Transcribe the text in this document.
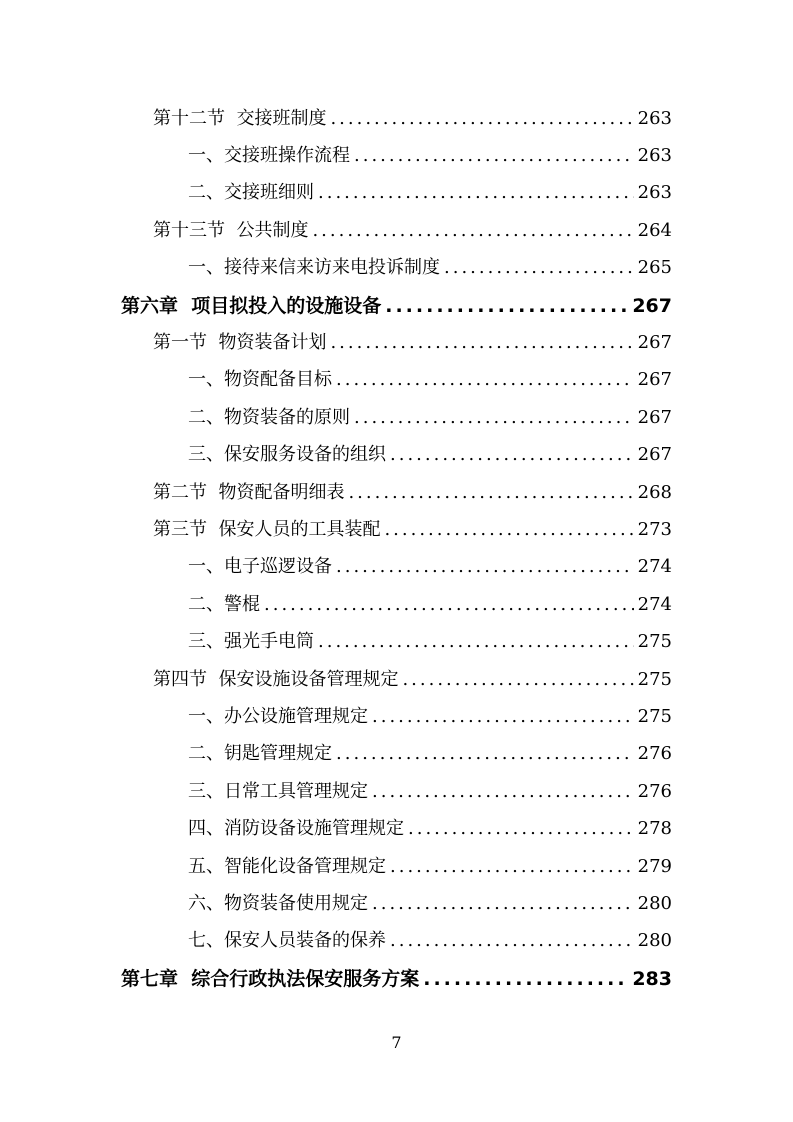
第十二节  交接班制度 .....	263
一、交接班操作流程 .....	263
二、交接班细则 .....	263
第十三节  公共制度 .....	264
一、接待来信来访来电投诉制度 .....	265
第六章  项目拟投入的设施设备 .....	267
第一节  物资装备计划 .....	267
一、物资配备目标 .....	267
二、物资装备的原则 .....	267
三、保安服务设备的组织 .....	267
第二节  物资配备明细表 .....	268
第三节  保安人员的工具装配 .....	273
一、电子巡逻设备 .....	274
二、警棍 .....	274
三、强光手电筒 .....	275
第四节  保安设施设备管理规定 .....	275
一、办公设施管理规定 .....	275
二、钥匙管理规定 .....	276
三、日常工具管理规定 .....	276
四、消防设备设施管理规定 .....	278
五、智能化设备管理规定 .....	279
六、物资装备使用规定 .....	280
七、保安人员装备的保养 .....	280
第七章  综合行政执法保安服务方案 .....	283
7
